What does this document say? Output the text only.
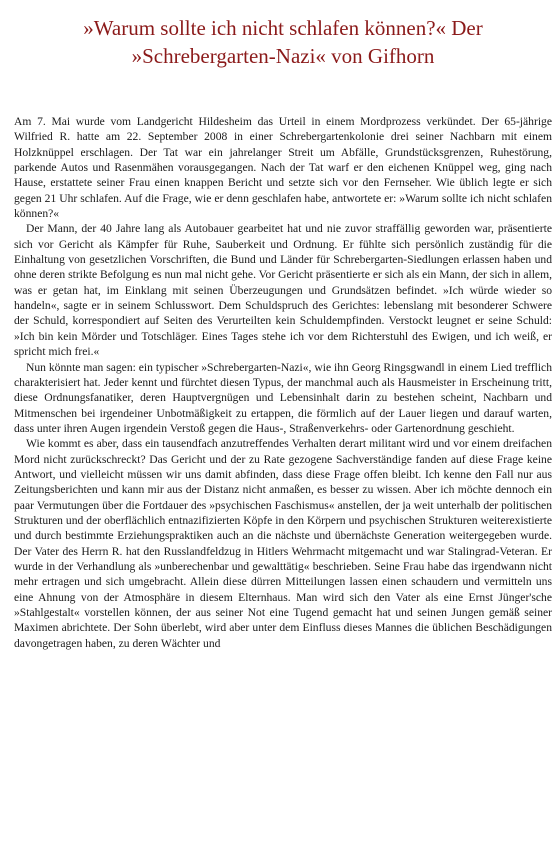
»Warum sollte ich nicht schlafen können?« Der »Schrebergarten-Nazi« von Gifhorn

Am 7. Mai wurde vom Landgericht Hildesheim das Urteil in einem Mordprozess verkündet. Der 65-jährige Wilfried R. hatte am 22. September 2008 in einer Schrebergartenkolonie drei seiner Nachbarn mit einem Holzknüppel erschlagen. Der Tat war ein jahrelanger Streit um Abfälle, Grundstücksgrenzen, Ruhestörung, parkende Autos und Rasenmähen vorausgegangen. Nach der Tat warf er den eichenen Knüppel weg, ging nach Hause, erstattete seiner Frau einen knappen Bericht und setzte sich vor den Fernseher. Wie üblich legte er sich gegen 21 Uhr schlafen. Auf die Frage, wie er denn geschlafen habe, antwortete er: »Warum sollte ich nicht schlafen können?«

Der Mann, der 40 Jahre lang als Autobauer gearbeitet hat und nie zuvor straffällig geworden war, präsentierte sich vor Gericht als Kämpfer für Ruhe, Sauberkeit und Ordnung. Er fühlte sich persönlich zuständig für die Einhaltung von gesetzlichen Vorschriften, die Bund und Länder für Schrebergarten-Siedlungen erlassen haben und ohne deren strikte Befolgung es nun mal nicht gehe. Vor Gericht präsentierte er sich als ein Mann, der sich in allem, was er getan hat, im Einklang mit seinen Überzeugungen und Grundsätzen befindet. »Ich würde wieder so handeln«, sagte er in seinem Schlusswort. Dem Schuldspruch des Gerichtes: lebenslang mit besonderer Schwere der Schuld, korrespondiert auf Seiten des Verurteilten kein Schuldempfinden. Verstockt leugnet er seine Schuld: »Ich bin kein Mörder und Totschläger. Eines Tages stehe ich vor dem Richterstuhl des Ewigen, und ich weiß, er spricht mich frei.«

Nun könnte man sagen: ein typischer »Schrebergarten-Nazi«, wie ihn Georg Ringsgwandl in einem Lied trefflich charakterisiert hat. Jeder kennt und fürchtet diesen Typus, der manchmal auch als Hausmeister in Erscheinung tritt, diese Ordnungsfanatiker, deren Hauptvergnügen und Lebensinhalt darin zu bestehen scheint, Nachbarn und Mitmenschen bei irgendeiner Unbotmäßigkeit zu ertappen, die förmlich auf der Lauer liegen und darauf warten, dass unter ihren Augen irgendein Verstoß gegen die Haus-, Straßenverkehrs- oder Gartenordnung geschieht.

Wie kommt es aber, dass ein tausendfach anzutreffendes Verhalten derart militant wird und vor einem dreifachen Mord nicht zurückschreckt? Das Gericht und der zu Rate gezogene Sachverständige fanden auf diese Frage keine Antwort, und vielleicht müssen wir uns damit abfinden, dass diese Frage offen bleibt. Ich kenne den Fall nur aus Zeitungsberichten und kann mir aus der Distanz nicht anmaßen, es besser zu wissen. Aber ich möchte dennoch ein paar Vermutungen über die Fortdauer des »psychischen Faschismus« anstellen, der ja weit unterhalb der politischen Strukturen und der oberflächlich entnazifizierten Köpfe in den Körpern und psychischen Strukturen weiterexistierte und durch bestimmte Erziehungspraktiken auch an die nächste und übernächste Generation weitergegeben wurde. Der Vater des Herrn R. hat den Russlandfeldzug in Hitlers Wehrmacht mitgemacht und war Stalingrad-Veteran. Er wurde in der Verhandlung als »unberechenbar und gewalttätig« beschrieben. Seine Frau habe das irgendwann nicht mehr ertragen und sich umgebracht. Allein diese dürren Mitteilungen lassen einen schaudern und vermitteln uns eine Ahnung von der Atmosphäre in diesem Elternhaus. Man wird sich den Vater als eine Ernst Jünger'sche »Stahlgestalt« vorstellen können, der aus seiner Not eine Tugend gemacht hat und seinen Jungen gemäß seiner Maximen abrichtete. Der Sohn überlebt, wird aber unter dem Einfluss dieses Mannes die üblichen Beschädigungen davongetragen haben, zu deren Wächter und
